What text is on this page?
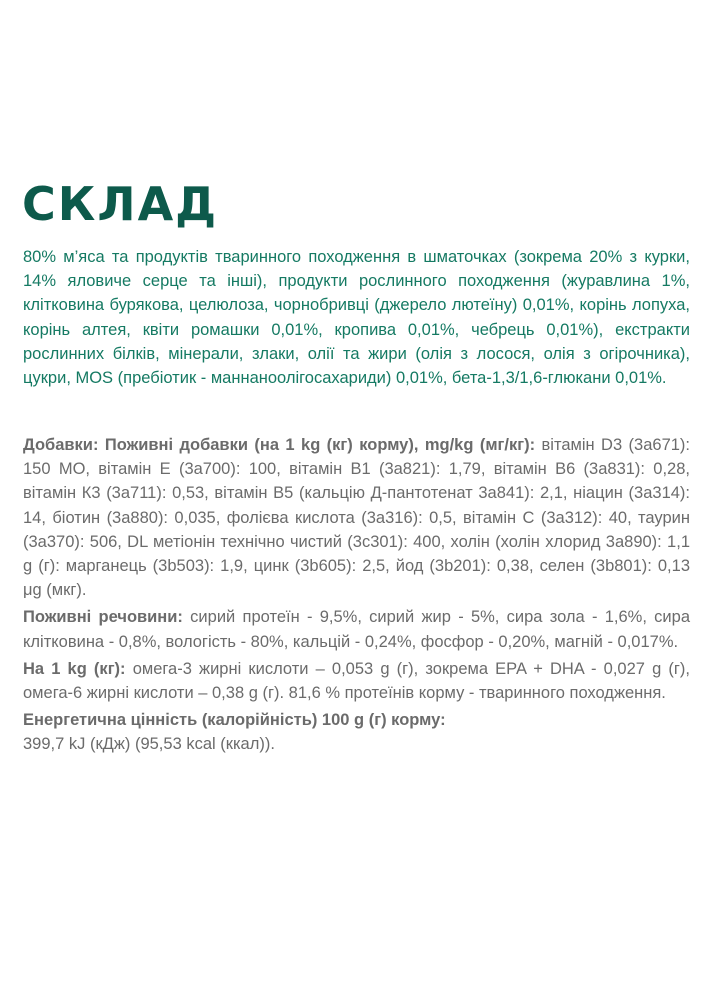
СКЛАД

80% м’яса та продуктів тваринного походження в шматочках (зокрема 20% з курки, 14% яловиче серце та інші), продукти рослинного походження (журавлина 1%, клітковина бурякова, целюлоза, чорнобривці (джерело лютеїну) 0,01%, корінь лопуха, корінь алтея, квіти ромашки 0,01%, кропива 0,01%, чебрець 0,01%), екстракти рослинних білків, мінерали, злаки, олії та жири (олія з лосося, олія з огірочника), цукри, MOS (пребіотик - маннаноолігосахариди) 0,01%, бета-1,3/1,6-глюкани 0,01%.

Добавки: Поживні добавки (на 1 kg (кг) корму), mg/kg (мг/кг): вітамін D3 (3a671): 150 МО, вітамін E (3a700): 100, вітамін B1 (3a821): 1,79, вітамін B6 (3a831): 0,28, вітамін К3 (3a711): 0,53, вітамін В5 (кальцію Д-пантотенат 3a841): 2,1, ніацин (3a314): 14, біотин (3a880): 0,035, фолієва кислота (3a316): 0,5, вітамін С (3a312): 40, таурин (3a370): 506, DL метіонін технічно чистий (3c301): 400, холін (холін хлорид 3a890): 1,1 g (г): марганець (3b503): 1,9, цинк (3b605): 2,5, йод (3b201): 0,38, селен (3b801): 0,13 μg (мкг).

Поживні речовини: сирий протеїн - 9,5%, сирий жир - 5%, сира зола - 1,6%, сира клітковина - 0,8%, вологість - 80%, кальцій - 0,24%, фосфор - 0,20%, магній - 0,017%.

На 1 kg (кг): омега-3 жирні кислоти – 0,053 g (г), зокрема EPA + DHA - 0,027 g (г), омега-6 жирні кислоти – 0,38 g (г). 81,6 % протеїнів корму - тваринного походження.

Енергетична цінність (калорійність) 100 g (г) корму:
399,7 kJ (кДж) (95,53 kcal (ккал)).
